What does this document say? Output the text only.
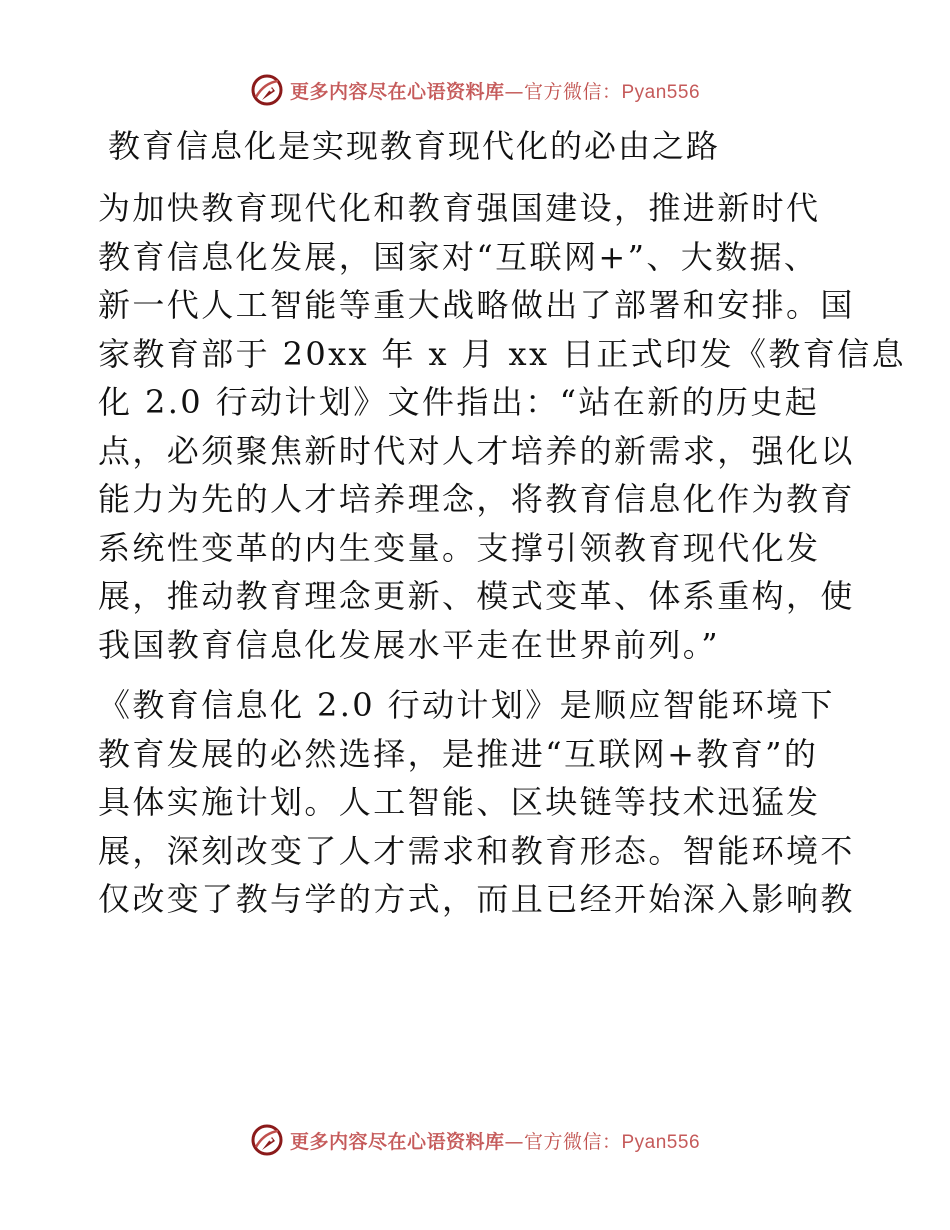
更多内容尽在心语资料库—官方微信：Pyan556
教育信息化是实现教育现代化的必由之路
为加快教育现代化和教育强国建设，推进新时代
教育信息化发展，国家对“互联网+”、大数据、
新一代人工智能等重大战略做出了部署和安排。国
家教育部于 20xx 年 x 月 xx 日正式印发《教育信息
化 2.0 行动计划》文件指出：“站在新的历史起
点，必须聚焦新时代对人才培养的新需求，强化以
能力为先的人才培养理念，将教育信息化作为教育
系统性变革的内生变量。支撑引领教育现代化发
展，推动教育理念更新、模式变革、体系重构，使
我国教育信息化发展水平走在世界前列。”
《教育信息化 2.0 行动计划》是顺应智能环境下
教育发展的必然选择，是推进“互联网+教育”的
具体实施计划。人工智能、区块链等技术迅猛发
展，深刻改变了人才需求和教育形态。智能环境不
仅改变了教与学的方式，而且已经开始深入影响教
更多内容尽在心语资料库—官方微信：Pyan556
